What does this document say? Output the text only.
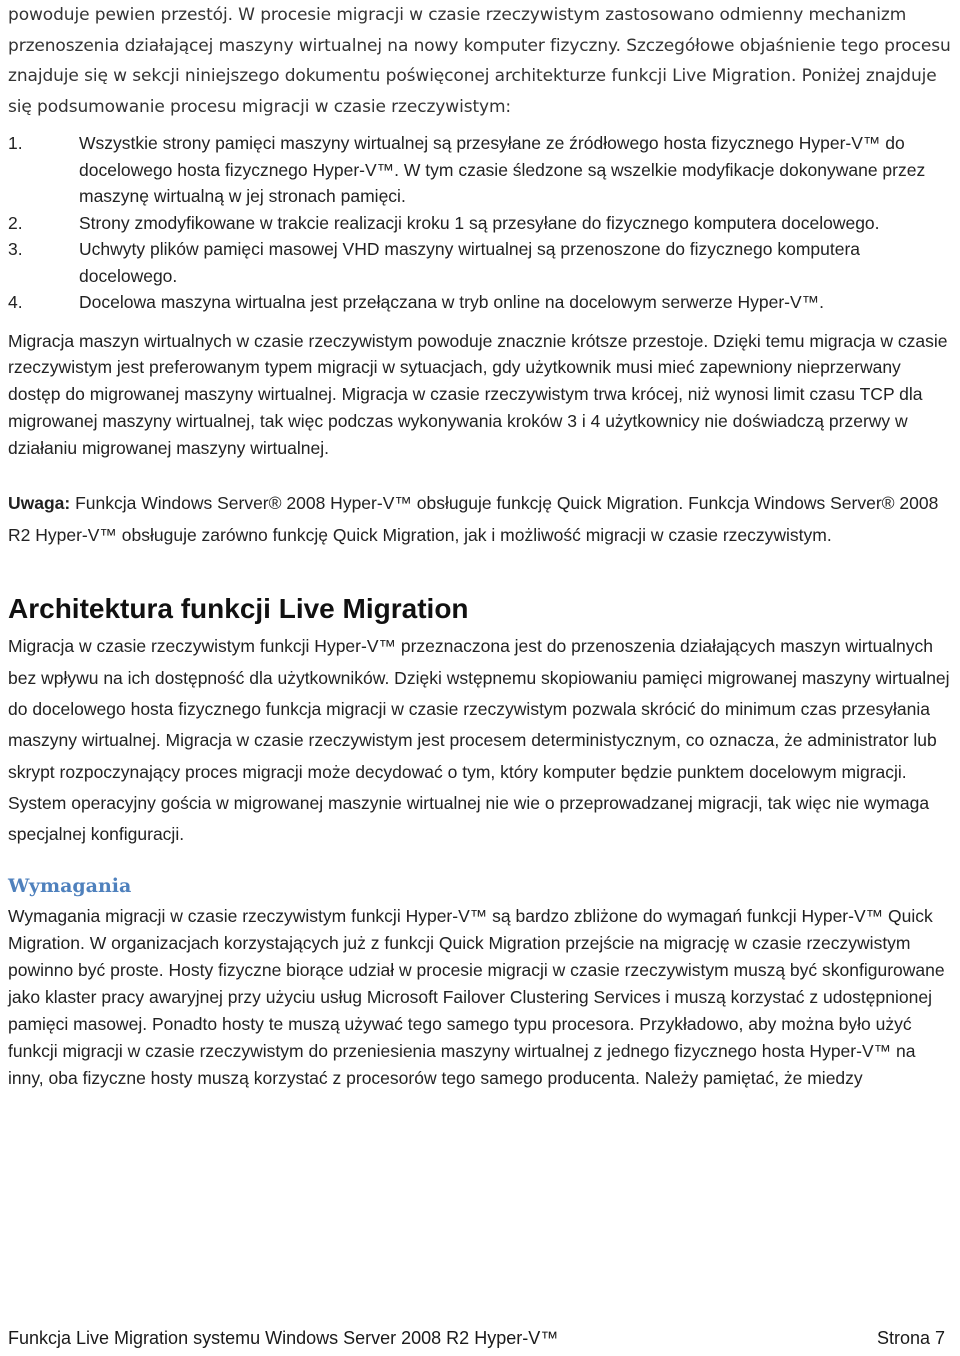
powoduje pewien przestój. W procesie migracji w czasie rzeczywistym zastosowano odmienny mechanizm przenoszenia działającej maszyny wirtualnej na nowy komputer fizyczny. Szczegółowe objaśnienie tego procesu znajduje się w sekcji niniejszego dokumentu poświęconej architekturze funkcji Live Migration. Poniżej znajduje się podsumowanie procesu migracji w czasie rzeczywistym:

1.	Wszystkie strony pamięci maszyny wirtualnej są przesyłane ze źródłowego hosta fizycznego Hyper-V™ do docelowego hosta fizycznego Hyper-V™. W tym czasie śledzone są wszelkie modyfikacje dokonywane przez maszynę wirtualną w jej stronach pamięci.
2.	Strony zmodyfikowane w trakcie realizacji kroku 1 są przesyłane do fizycznego komputera docelowego.
3.	Uchwyty plików pamięci masowej VHD maszyny wirtualnej są przenoszone do fizycznego komputera docelowego.
4.	Docelowa maszyna wirtualna jest przełączana w tryb online na docelowym serwerze Hyper-V™.

Migracja maszyn wirtualnych w czasie rzeczywistym powoduje znacznie krótsze przestoje. Dzięki temu migracja w czasie rzeczywistym jest preferowanym typem migracji w sytuacjach, gdy użytkownik musi mieć zapewniony nieprzerwany dostęp do migrowanej maszyny wirtualnej. Migracja w czasie rzeczywistym trwa krócej, niż wynosi limit czasu TCP dla migrowanej maszyny wirtualnej, tak więc podczas wykonywania kroków 3 i 4 użytkownicy nie doświadczą przerwy w działaniu migrowanej maszyny wirtualnej.

Uwaga: Funkcja Windows Server® 2008 Hyper-V™ obsługuje funkcję Quick Migration. Funkcja Windows Server® 2008 R2 Hyper-V™ obsługuje zarówno funkcję Quick Migration, jak i możliwość migracji w czasie rzeczywistym.

Architektura funkcji Live Migration

Migracja w czasie rzeczywistym funkcji Hyper-V™ przeznaczona jest do przenoszenia działających maszyn wirtualnych bez wpływu na ich dostępność dla użytkowników. Dzięki wstępnemu skopiowaniu pamięci migrowanej maszyny wirtualnej do docelowego hosta fizycznego funkcja migracji w czasie rzeczywistym pozwala skrócić do minimum czas przesyłania maszyny wirtualnej. Migracja w czasie rzeczywistym jest procesem deterministycznym, co oznacza, że administrator lub skrypt rozpoczynający proces migracji może decydować o tym, który komputer będzie punktem docelowym migracji. System operacyjny gościa w migrowanej maszynie wirtualnej nie wie o przeprowadzanej migracji, tak więc nie wymaga specjalnej konfiguracji.

Wymagania

Wymagania migracji w czasie rzeczywistym funkcji Hyper-V™ są bardzo zbliżone do wymagań funkcji Hyper-V™ Quick Migration. W organizacjach korzystających już z funkcji Quick Migration przejście na migrację w czasie rzeczywistym powinno być proste. Hosty fizyczne biorące udział w procesie migracji w czasie rzeczywistym muszą być skonfigurowane jako klaster pracy awaryjnej przy użyciu usług Microsoft Failover Clustering Services i muszą korzystać z udostępnionej pamięci masowej. Ponadto hosty te muszą używać tego samego typu procesora. Przykładowo, aby można było użyć funkcji migracji w czasie rzeczywistym do przeniesienia maszyny wirtualnej z jednego fizycznego hosta Hyper-V™ na inny, oba fizyczne hosty muszą korzystać z procesorów tego samego producenta. Należy pamiętać, że miedzy

Funkcja Live Migration systemu Windows Server 2008 R2 Hyper-V™	Strona 7
